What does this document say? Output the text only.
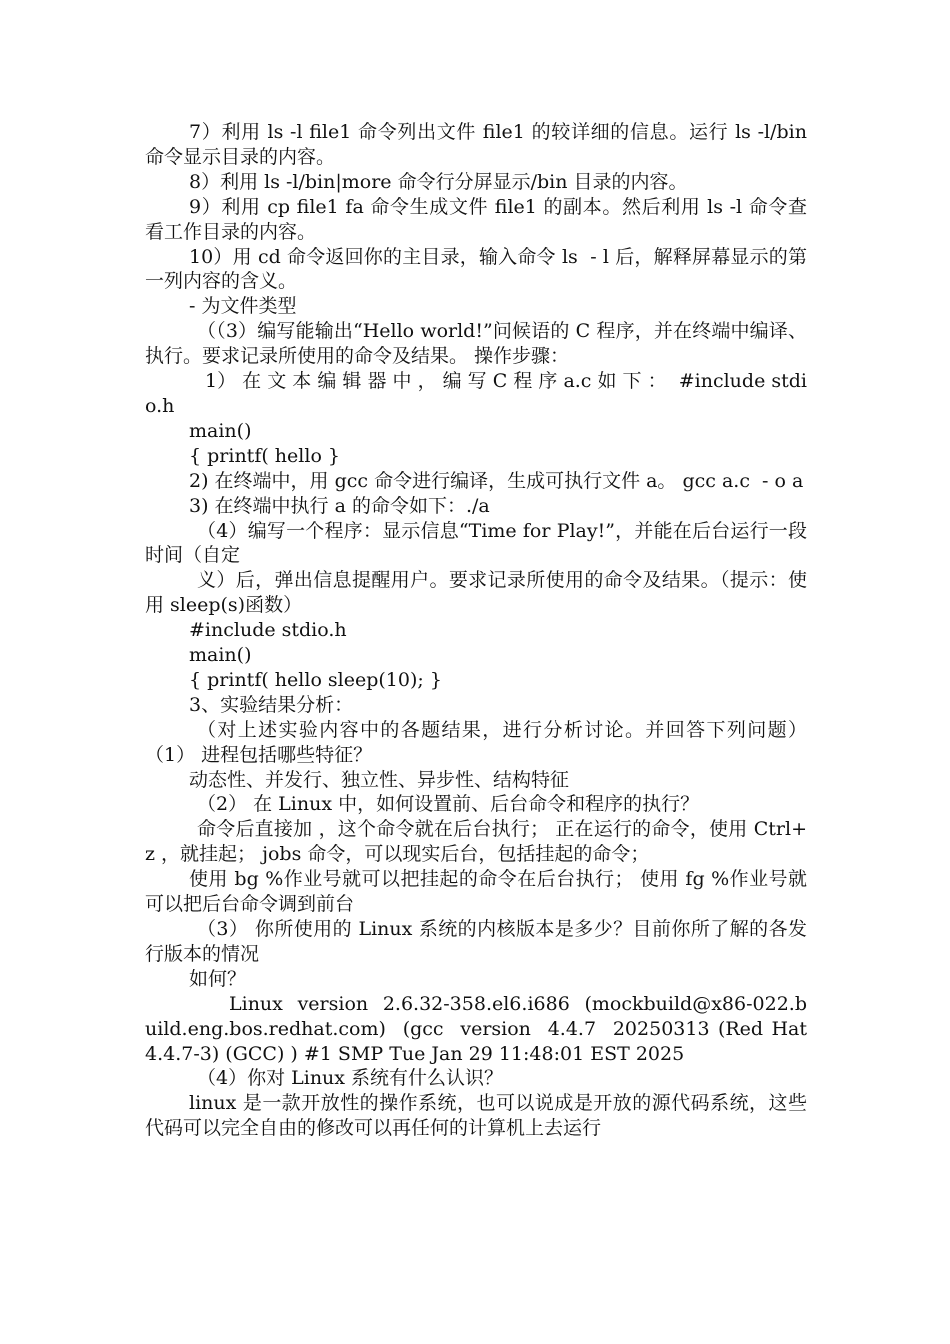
7）利用 ls -l file1 命令列出文件 file1 的较详细的信息。运行 ls -l/bin 命令显示目录的内容。

8）利用 ls -l/bin|more 命令行分屏显示/bin 目录的内容。

9）利用 cp file1 fa 命令生成文件 file1 的副本。然后利用 ls -l 命令查看工作目录的内容。

10）用 cd 命令返回你的主目录，输入命令 ls  - l 后，解释屏幕显示的第一列内容的含义。

- 为文件类型

（（3）编写能输出“Hello world!”问候语的 C 程序，并在终端中编译、执行。要求记录所使用的命令及结果。 操作步骤：

1） 在 文 本 编 辑 器 中 ， 编 写 C 程 序 a.c 如 下 ：  #include stdio.h

main()

{ printf( hello }

2) 在终端中，用 gcc 命令进行编译，生成可执行文件 a。 gcc a.c  - o a

3) 在终端中执行 a 的命令如下：./a

（4）编写一个程序：显示信息“Time for Play!”，并能在后台运行一段时间（自定

义）后，弹出信息提醒用户。要求记录所使用的命令及结果。（提示：使用 sleep(s)函数）

#include stdio.h

main()

{ printf( hello sleep(10); }

3、实验结果分析：

（对上述实验内容中的各题结果，进行分析讨论。并回答下列问题） （1） 进程包括哪些特征？

动态性、并发行、独立性、异步性、结构特征

（2） 在 Linux 中，如何设置前、后台命令和程序的执行？

命令后直接加 ，这个命令就在后台执行； 正在运行的命令，使用 Ctrl+z ，就挂起； jobs 命令，可以现实后台，包括挂起的命令；

使用 bg %作业号就可以把挂起的命令在后台执行； 使用 fg %作业号就可以把后台命令调到前台

（3） 你所使用的 Linux 系统的内核版本是多少？目前你所了解的各发行版本的情况

如何？

Linux  version  2.6.32-358.el6.i686  (mockbuild@x86-022.build.eng.bos.redhat.com)  (gcc  version  4.4.7  20250313 (Red Hat 4.4.7-3) (GCC) ) #1 SMP Tue Jan 29 11:48:01 EST 2025

（4）你对 Linux 系统有什么认识？

linux 是一款开放性的操作系统，也可以说成是开放的源代码系统，这些代码可以完全自由的修改可以再任何的计算机上去运行
